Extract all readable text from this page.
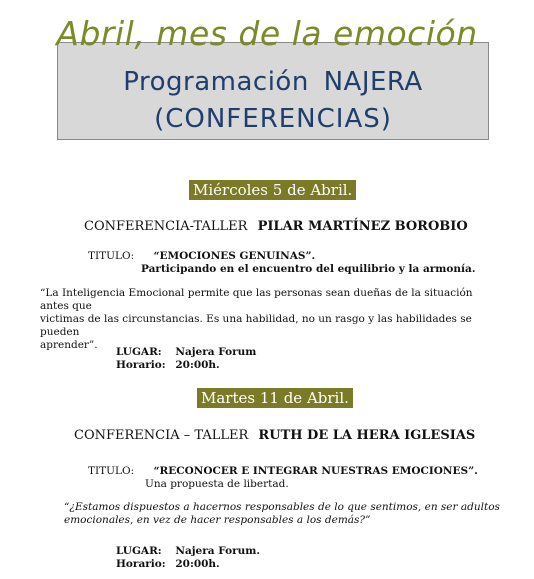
Abril, mes de la emoción
Programación NAJERA
(CONFERENCIAS)
Miércoles 5 de Abril.
CONFERENCIA-TALLER PILAR MARTÍNEZ BOROBIO
TITULO: “EMOCIONES GENUINAS”.
Participando en el encuentro del equilibrio y la armonía.
“La Inteligencia Emocional permite que las personas sean dueñas de la situación antes que
victimas de las circunstancias. Es una habilidad, no un rasgo y las habilidades se pueden
aprender”.
LUGAR: Najera Forum
Horario: 20:00h.
Martes 11 de Abril.
CONFERENCIA – TALLER RUTH DE LA HERA IGLESIAS
TITULO: “RECONOCER E INTEGRAR NUESTRAS EMOCIONES”.
Una propuesta de libertad.
“¿Estamos dispuestos a hacernos responsables de lo que sentimos, en ser adultos
emocionales, en vez de hacer responsables a los demás?”
LUGAR: Najera Forum.
Horario: 20:00h.
